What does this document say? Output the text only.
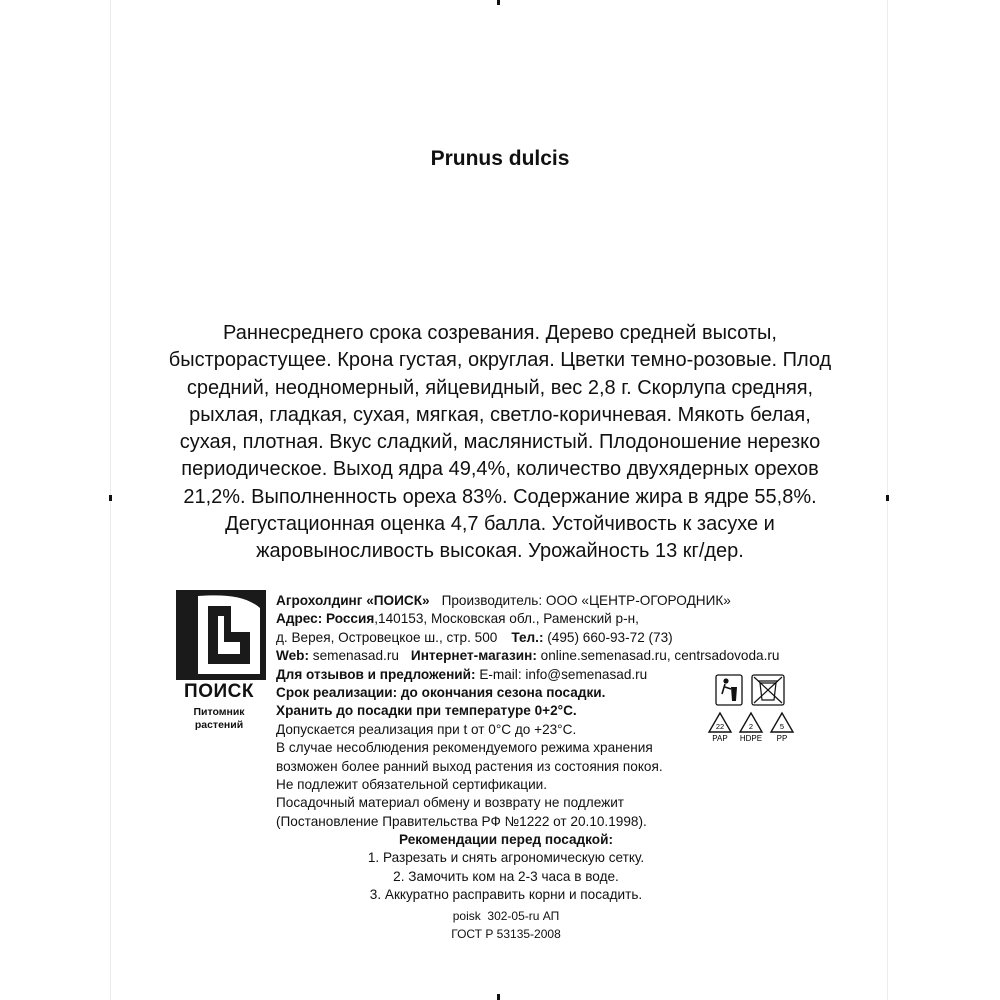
Prunus dulcis

Раннесреднего срока созревания. Дерево средней высоты, быстрорастущее. Крона густая, округлая. Цветки темно-розовые. Плод средний, неодномерный, яйцевидный, вес 2,8 г. Скорлупа средняя, рыхлая, гладкая, сухая, мягкая, светло-коричневая. Мякоть белая, сухая, плотная. Вкус сладкий, маслянистый. Плодоношение нерезко периодическое. Выход ядра 49,4%, количество двухядерных орехов 21,2%. Выполненность ореха 83%. Содержание жира в ядре 55,8%. Дегустационная оценка 4,7 балла. Устойчивость к засухе и жаровыносливость высокая. Урожайность 13 кг/дер.

ПОИСК
Питомник
растений
Агрохолдинг «ПОИСК» Производитель: ООО «ЦЕНТР-ОГОРОДНИК»
Адрес: Россия,140153, Московская обл., Раменский р-н,
д. Верея, Островецкое ш., стр. 500 Тел.: (495) 660-93-72 (73)
Web: semenasad.ru Интернет-магазин: online.semenasad.ru, centrsadovoda.ru
Для отзывов и предложений: E-mail: info@semenasad.ru
Срок реализации: до окончания сезона посадки.
Хранить до посадки при температуре 0+2°С.
Допускается реализация при t от 0°С до +23°С.
В случае несоблюдения рекомендуемого режима хранения
возможен более ранний выход растения из состояния покоя.
Не подлежит обязательной сертификации.
Посадочный материал обмену и возврату не подлежит
(Постановление Правительства РФ №1222 от 20.10.1998).
22	2	5
PAP HDPE PP
Рекомендации перед посадкой:
1. Разрезать и снять агрономическую сетку.
2. Замочить ком на 2-3 часа в воде.
3. Аккуратно расправить корни и посадить.
poisk  302-05-ru АП
ГОСТ Р 53135-2008
